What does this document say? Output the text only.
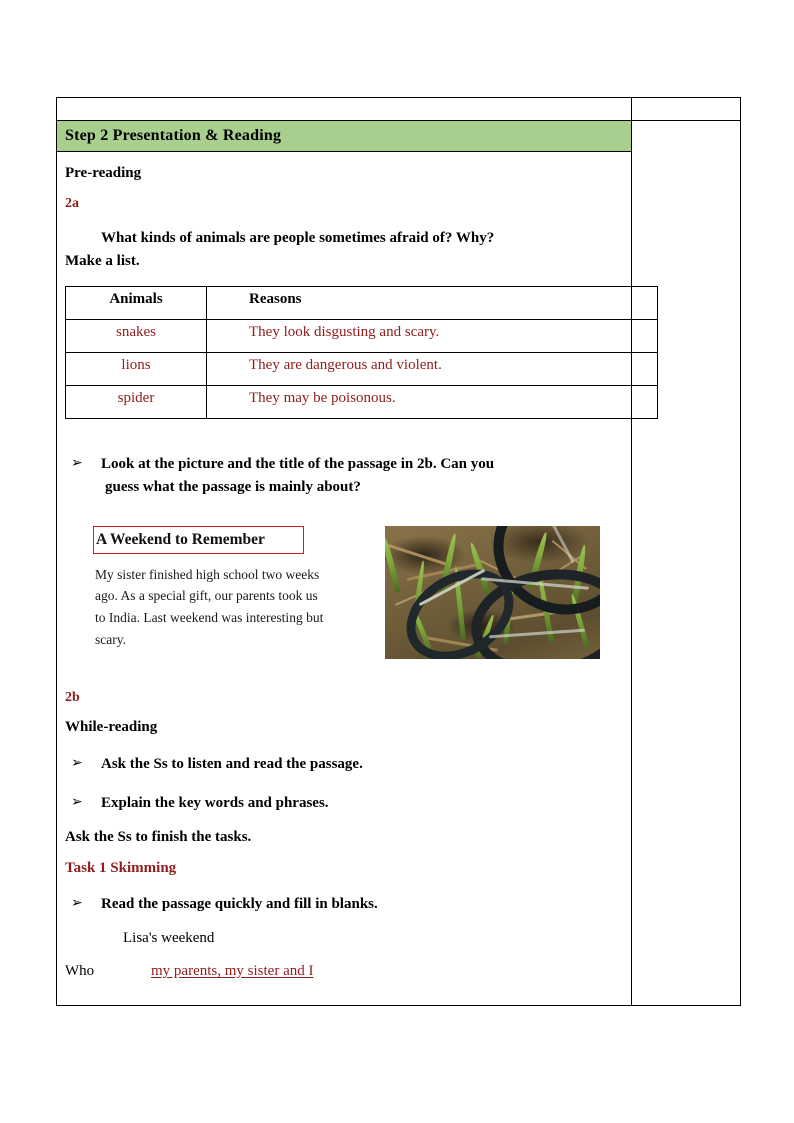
Step 2 Presentation & Reading
Pre-reading
2a
What kinds of animals are people sometimes afraid of? Why?
Make a list.
Animals	Reasons
snakes	They look disgusting and scary.
lions	They are dangerous and violent.
spider	They may be poisonous.
➢ Look at the picture and the title of the passage in 2b. Can you
guess what the passage is mainly about?
A Weekend to Remember
My sister finished high school two weeks ago. As a special gift, our parents took us to India. Last weekend was interesting but scary.
2b
While-reading
➢ Ask the Ss to listen and read the passage.
➢ Explain the key words and phrases.
Ask the Ss to finish the tasks.
Task 1 Skimming
➢ Read the passage quickly and fill in blanks.
Lisa's weekend
Who	my parents, my sister and I
